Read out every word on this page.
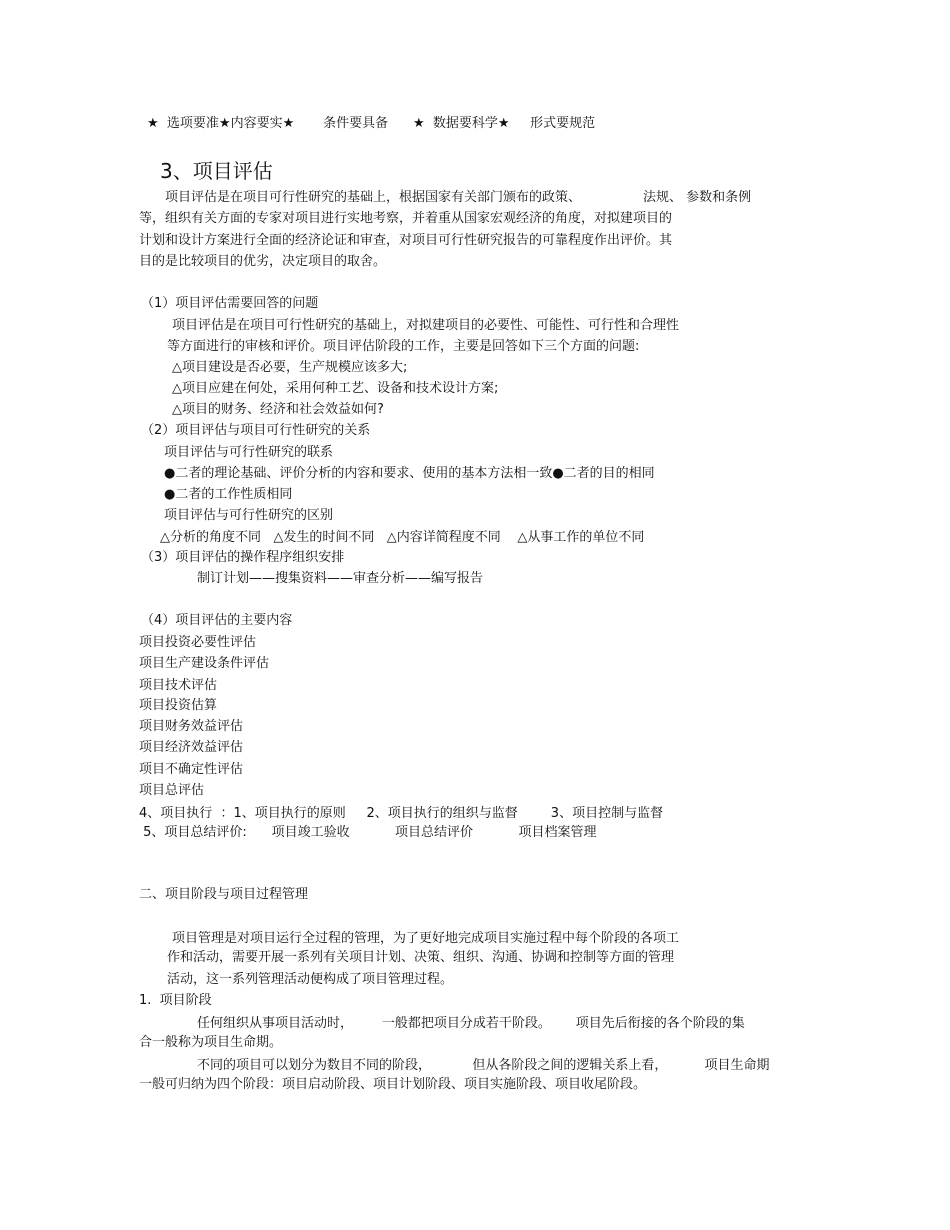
★  选项要准★内容要实★       条件要具备      ★  数据要科学★     形式要规范
3、项目评估
项目评估是在项目可行性研究的基础上，根据国家有关部门颁布的政策、               法规、 参数和条例
等，组织有关方面的专家对项目进行实地考察，并着重从国家宏观经济的角度，对拟建项目的
计划和设计方案进行全面的经济论证和审查，对项目可行性研究报告的可靠程度作出评价。其
目的是比较项目的优劣，决定项目的取舍。
（1）项目评估需要回答的问题
项目评估是在项目可行性研究的基础上，对拟建项目的必要性、可能性、可行性和合理性
等方面进行的审核和评价。项目评估阶段的工作，主要是回答如下三个方面的问题:
△项目建设是否必要，生产规模应该多大;
△项目应建在何处，采用何种工艺、设备和技术设计方案;
△项目的财务、经济和社会效益如何?
（2）项目评估与项目可行性研究的关系
项目评估与可行性研究的联系
●二者的理论基础、评价分析的内容和要求、使用的基本方法相一致●二者的目的相同
●二者的工作性质相同
项目评估与可行性研究的区别
△分析的角度不同   △发生的时间不同   △内容详简程度不同    △从事工作的单位不同
（3）项目评估的操作程序组织安排
制订计划——搜集资料——审查分析——编写报告
（4）项目评估的主要内容
项目投资必要性评估
项目生产建设条件评估
项目技术评估
项目投资估算
项目财务效益评估
项目经济效益评估
项目不确定性评估
项目总评估
4、项目执行  ：1、项目执行的原则     2、项目执行的组织与监督        3、项目控制与监督
5、项目总结评价:      项目竣工验收           项目总结评价           项目档案管理
二、项目阶段与项目过程管理
项目管理是对项目运行全过程的管理，为了更好地完成项目实施过程中每个阶段的各项工
作和活动，需要开展一系列有关项目计划、决策、组织、沟通、协调和控制等方面的管理
活动，这一系列管理活动便构成了项目管理过程。
1.  项目阶段
任何组织从事项目活动时，       一般都把项目分成若干阶段。      项目先后衔接的各个阶段的集
合一般称为项目生命期。
不同的项目可以划分为数目不同的阶段，          但从各阶段之间的逻辑关系上看，         项目生命期
一般可归纳为四个阶段：项目启动阶段、项目计划阶段、项目实施阶段、项目收尾阶段。
